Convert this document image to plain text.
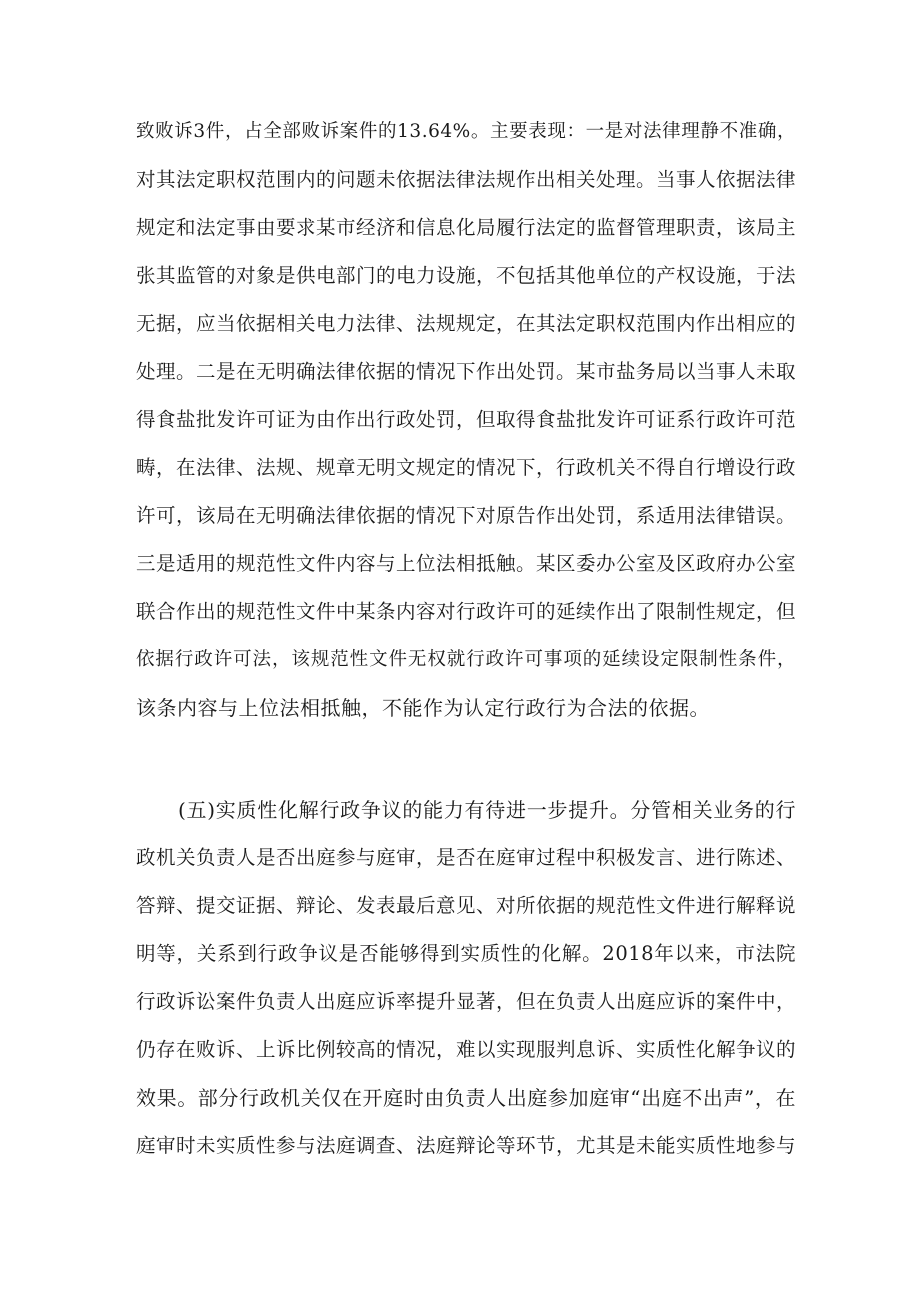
致败诉3件，占全部败诉案件的13.64%。主要表现：一是对法律理静不准确，
对其法定职权范围内的问题未依据法律法规作出相关处理。当事人依据法律
规定和法定事由要求某市经济和信息化局履行法定的监督管理职责，该局主
张其监管的对象是供电部门的电力设施，不包括其他单位的产权设施，于法
无据，应当依据相关电力法律、法规规定，在其法定职权范围内作出相应的
处理。二是在无明确法律依据的情况下作出处罚。某市盐务局以当事人未取
得食盐批发许可证为由作出行政处罚，但取得食盐批发许可证系行政许可范
畴，在法律、法规、规章无明文规定的情况下，行政机关不得自行增设行政
许可，该局在无明确法律依据的情况下对原告作出处罚，系适用法律错误。
三是适用的规范性文件内容与上位法相抵触。某区委办公室及区政府办公室
联合作出的规范性文件中某条内容对行政许可的延续作出了限制性规定，但
依据行政许可法，该规范性文件无权就行政许可事项的延续设定限制性条件，
该条内容与上位法相抵触，不能作为认定行政行为合法的依据。
(五)实质性化解行政争议的能力有待进一步提升。分管相关业务的行
政机关负责人是否出庭参与庭审，是否在庭审过程中积极发言、进行陈述、
答辩、提交证据、辩论、发表最后意见、对所依据的规范性文件进行解释说
明等，关系到行政争议是否能够得到实质性的化解。2018年以来，市法院
行政诉讼案件负责人出庭应诉率提升显著，但在负责人出庭应诉的案件中，
仍存在败诉、上诉比例较高的情况，难以实现服判息诉、实质性化解争议的
效果。部分行政机关仅在开庭时由负责人出庭参加庭审“出庭不出声”，在
庭审时未实质性参与法庭调查、法庭辩论等环节，尤其是未能实质性地参与
